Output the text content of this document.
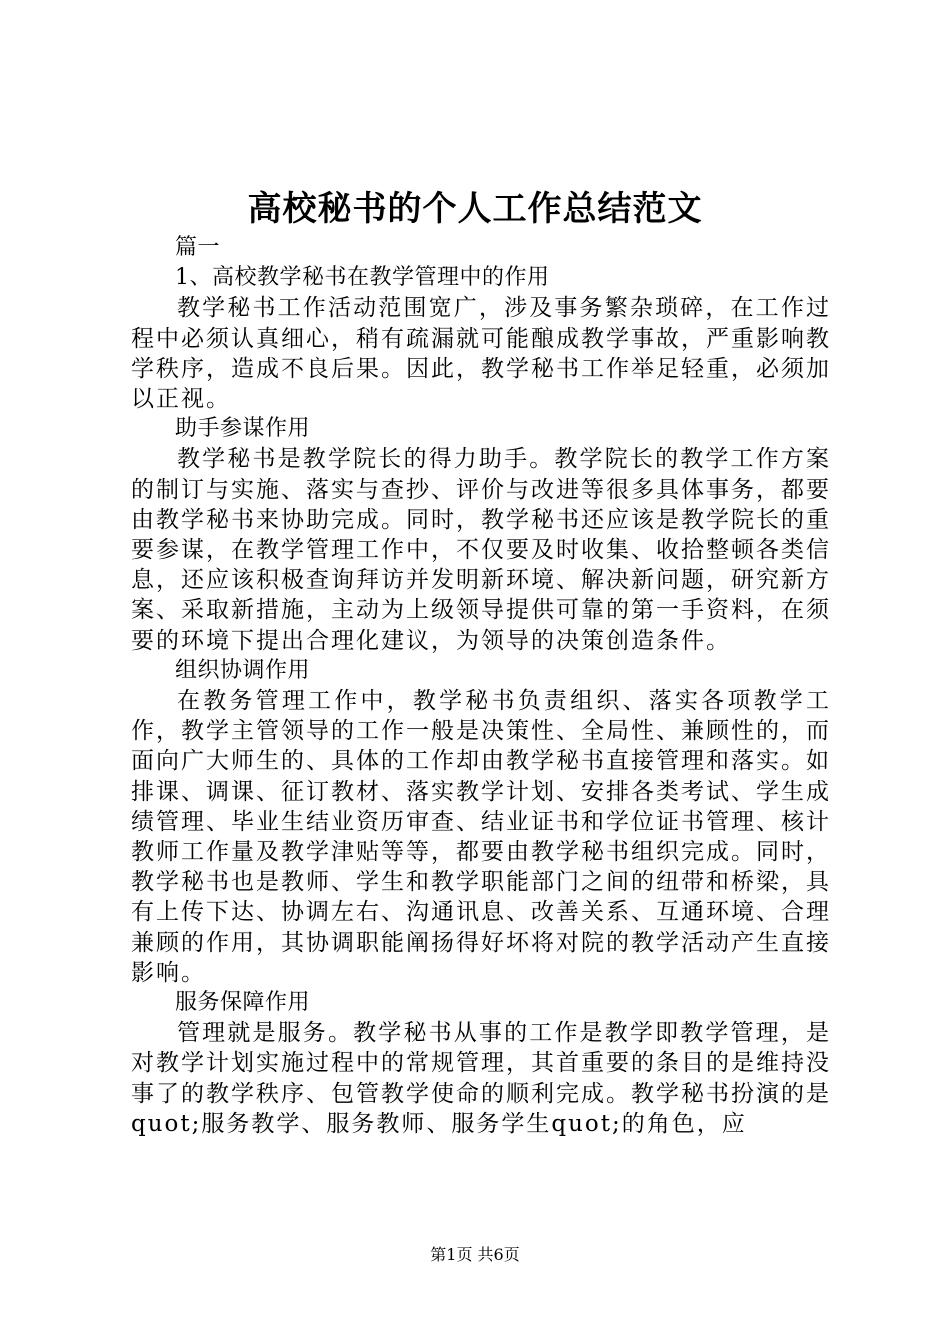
高校秘书的个人工作总结范文

篇一

1、高校教学秘书在教学管理中的作用

教学秘书工作活动范围宽广，涉及事务繁杂琐碎，在工作过程中必须认真细心，稍有疏漏就可能酿成教学事故，严重影响教学秩序，造成不良后果。因此，教学秘书工作举足轻重，必须加以正视。

助手参谋作用

教学秘书是教学院长的得力助手。教学院长的教学工作方案的制订与实施、落实与查抄、评价与改进等很多具体事务，都要由教学秘书来协助完成。同时，教学秘书还应该是教学院长的重要参谋，在教学管理工作中，不仅要及时收集、收拾整顿各类信息，还应该积极查询拜访并发明新环境、解决新问题，研究新方案、采取新措施，主动为上级领导提供可靠的第一手资料，在须要的环境下提出合理化建议，为领导的决策创造条件。

组织协调作用

在教务管理工作中，教学秘书负责组织、落实各项教学工作，教学主管领导的工作一般是决策性、全局性、兼顾性的，而面向广大师生的、具体的工作却由教学秘书直接管理和落实。如排课、调课、征订教材、落实教学计划、安排各类考试、学生成绩管理、毕业生结业资历审查、结业证书和学位证书管理、核计教师工作量及教学津贴等等，都要由教学秘书组织完成。同时，教学秘书也是教师、学生和教学职能部门之间的纽带和桥梁，具有上传下达、协调左右、沟通讯息、改善关系、互通环境、合理兼顾的作用，其协调职能阐扬得好坏将对院的教学活动产生直接影响。

服务保障作用

管理就是服务。教学秘书从事的工作是教学即教学管理，是对教学计划实施过程中的常规管理，其首重要的条目的是维持没事了的教学秩序、包管教学使命的顺利完成。教学秘书扮演的是quot;服务教学、服务教师、服务学生quot;的角色，应

第1页 共6页
